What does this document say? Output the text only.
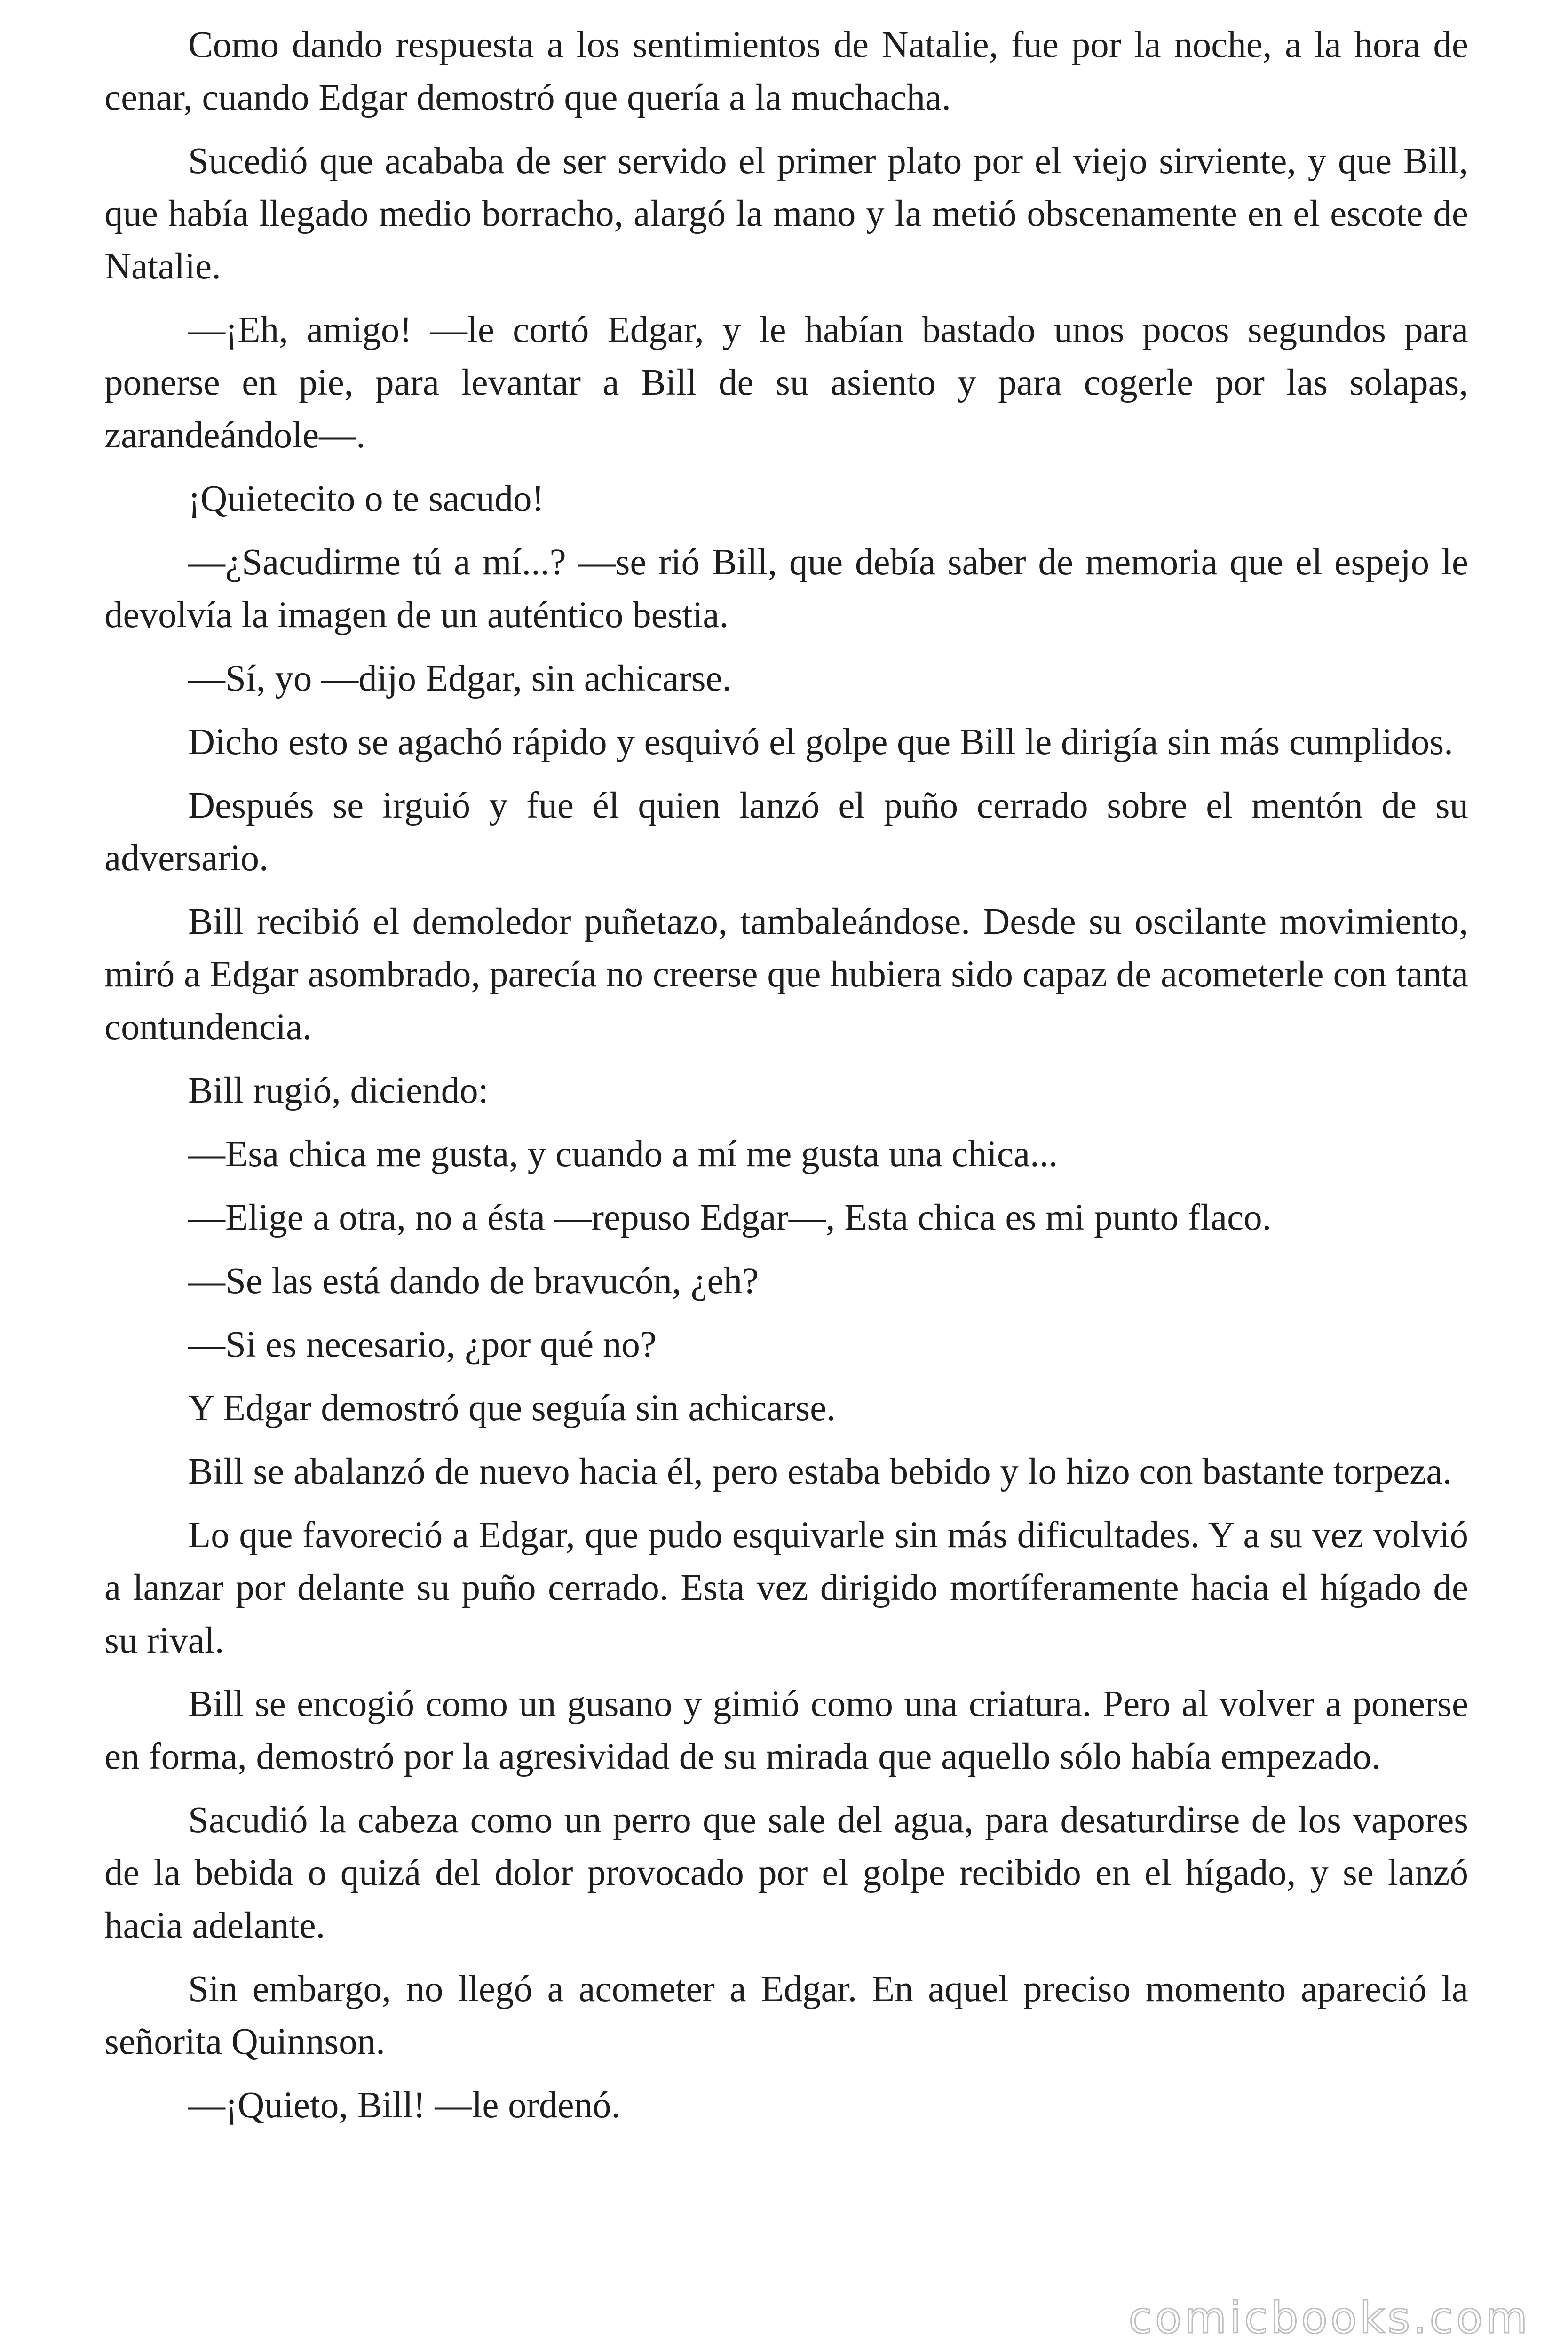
Como dando respuesta a los sentimientos de Natalie, fue por la noche, a la hora de cenar, cuando Edgar demostró que quería a la muchacha.

Sucedió que acababa de ser servido el primer plato por el viejo sirviente, y que Bill, que había llegado medio borracho, alargó la mano y la metió obscenamente en el escote de Natalie.

—¡Eh, amigo! —le cortó Edgar, y le habían bastado unos pocos segundos para ponerse en pie, para levantar a Bill de su asiento y para cogerle por las solapas, zarandeándole—.

¡Quietecito o te sacudo!

—¿Sacudirme tú a mí...? —se rió Bill, que debía saber de memoria que el espejo le devolvía la imagen de un auténtico bestia.

—Sí, yo —dijo Edgar, sin achicarse.

Dicho esto se agachó rápido y esquivó el golpe que Bill le dirigía sin más cumplidos.

Después se irguió y fue él quien lanzó el puño cerrado sobre el mentón de su adversario.

Bill recibió el demoledor puñetazo, tambaleándose. Desde su oscilante movimiento, miró a Edgar asombrado, parecía no creerse que hubiera sido capaz de acometerle con tanta contundencia.

Bill rugió, diciendo:

—Esa chica me gusta, y cuando a mí me gusta una chica...

—Elige a otra, no a ésta —repuso Edgar—, Esta chica es mi punto flaco.

—Se las está dando de bravucón, ¿eh?

—Si es necesario, ¿por qué no?

Y Edgar demostró que seguía sin achicarse.

Bill se abalanzó de nuevo hacia él, pero estaba bebido y lo hizo con bastante torpeza.

Lo que favoreció a Edgar, que pudo esquivarle sin más dificultades. Y a su vez volvió a lanzar por delante su puño cerrado. Esta vez dirigido mortíferamente hacia el hígado de su rival.

Bill se encogió como un gusano y gimió como una criatura. Pero al volver a ponerse en forma, demostró por la agresividad de su mirada que aquello sólo había empezado.

Sacudió la cabeza como un perro que sale del agua, para desaturdirse de los vapores de la bebida o quizá del dolor provocado por el golpe recibido en el hígado, y se lanzó hacia adelante.

Sin embargo, no llegó a acometer a Edgar. En aquel preciso momento apareció la señorita Quinnson.

—¡Quieto, Bill! —le ordenó.

comicbooks.com
